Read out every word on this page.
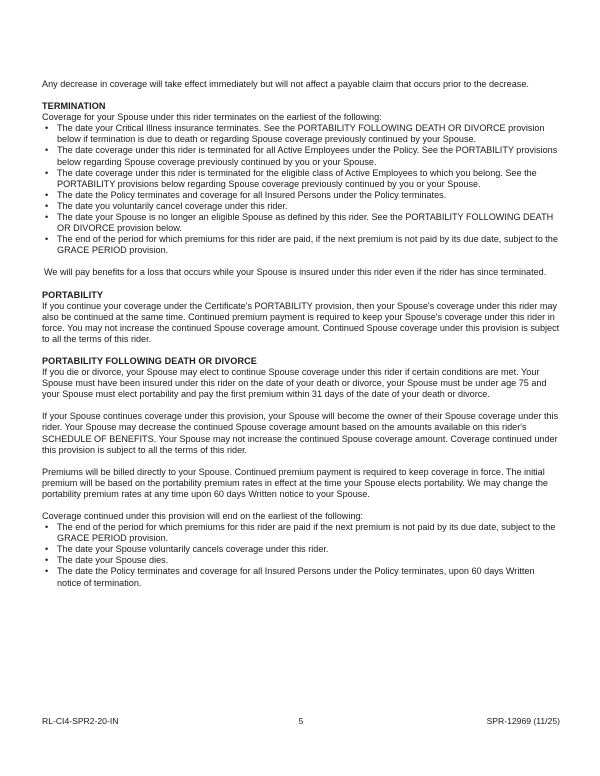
Any decrease in coverage will take effect immediately but will not affect a payable claim that occurs prior to the decrease.

TERMINATION

Coverage for your Spouse under this rider terminates on the earliest of the following:

• The date your Critical Illness insurance terminates. See the PORTABILITY FOLLOWING DEATH OR DIVORCE provision below if termination is due to death or regarding Spouse coverage previously continued by your Spouse.
• The date coverage under this rider is terminated for all Active Employees under the Policy. See the PORTABILITY provisions below regarding Spouse coverage previously continued by you or your Spouse.
• The date coverage under this rider is terminated for the eligible class of Active Employees to which you belong. See the PORTABILITY provisions below regarding Spouse coverage previously continued by you or your Spouse.
• The date the Policy terminates and coverage for all Insured Persons under the Policy terminates.
• The date you voluntarily cancel coverage under this rider.
• The date your Spouse is no longer an eligible Spouse as defined by this rider. See the PORTABILITY FOLLOWING DEATH OR DIVORCE provision below.
• The end of the period for which premiums for this rider are paid, if the next premium is not paid by its due date, subject to the GRACE PERIOD provision.

We will pay benefits for a loss that occurs while your Spouse is insured under this rider even if the rider has since terminated.

PORTABILITY

If you continue your coverage under the Certificate's PORTABILITY provision, then your Spouse's coverage under this rider may also be continued at the same time. Continued premium payment is required to keep your Spouse's coverage under this rider in force. You may not increase the continued Spouse coverage amount. Continued Spouse coverage under this provision is subject to all the terms of this rider.

PORTABILITY FOLLOWING DEATH OR DIVORCE

If you die or divorce, your Spouse may elect to continue Spouse coverage under this rider if certain conditions are met. Your Spouse must have been insured under this rider on the date of your death or divorce, your Spouse must be under age 75 and your Spouse must elect portability and pay the first premium within 31 days of the date of your death or divorce.

If your Spouse continues coverage under this provision, your Spouse will become the owner of their Spouse coverage under this rider. Your Spouse may decrease the continued Spouse coverage amount based on the amounts available on this rider's SCHEDULE OF BENEFITS. Your Spouse may not increase the continued Spouse coverage amount. Coverage continued under this provision is subject to all the terms of this rider.

Premiums will be billed directly to your Spouse. Continued premium payment is required to keep coverage in force. The initial premium will be based on the portability premium rates in effect at the time your Spouse elects portability. We may change the portability premium rates at any time upon 60 days Written notice to your Spouse.

Coverage continued under this provision will end on the earliest of the following:

• The end of the period for which premiums for this rider are paid if the next premium is not paid by its due date, subject to the GRACE PERIOD provision.
• The date your Spouse voluntarily cancels coverage under this rider.
• The date your Spouse dies.
• The date the Policy terminates and coverage for all Insured Persons under the Policy terminates, upon 60 days Written notice of termination.
RL-CI4-SPR2-20-IN	5	SPR-12969 (11/25)
